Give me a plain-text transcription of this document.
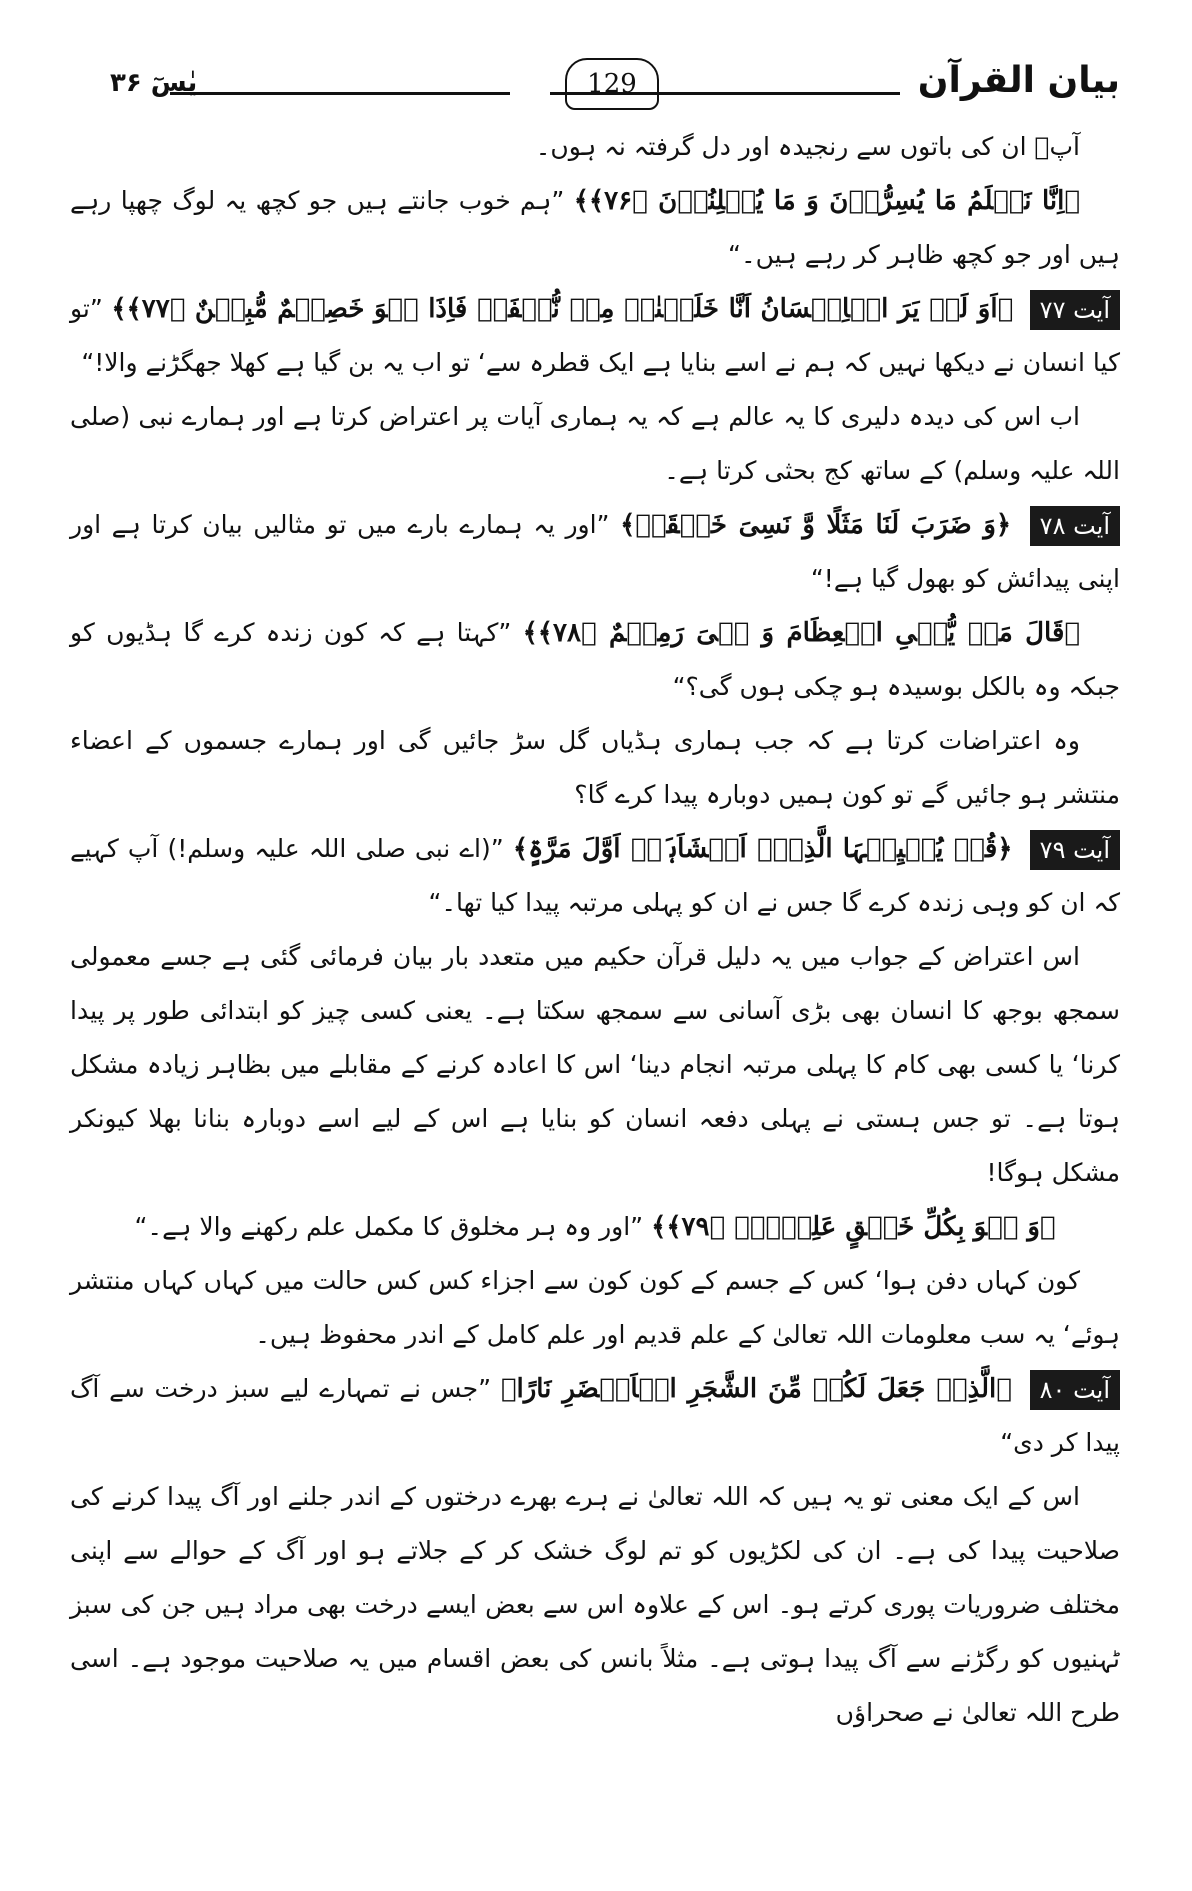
بیان القرآن
129
یٰسٓ ۳۶

آپؐ ان کی باتوں سے رنجیدہ اور دل گرفتہ نہ ہوں۔

﴿اِنَّا نَعۡلَمُ مَا یُسِرُّوۡنَ وَ مَا یُعۡلِنُوۡنَ ﴿۷۶﴾﴾ ”ہم خوب جانتے ہیں جو کچھ یہ لوگ چھپا رہے ہیں اور جو کچھ ظاہر کر رہے ہیں۔“

آیت ۷۷ ﴿اَوَ لَمۡ یَرَ الۡاِنۡسَانُ اَنَّا خَلَقۡنٰہُ مِنۡ نُّطۡفَۃٍ فَاِذَا ہُوَ خَصِیۡمٌ مُّبِیۡنٌ ﴿۷۷﴾﴾ ”تو کیا انسان نے دیکھا نہیں کہ ہم نے اسے بنایا ہے ایک قطرہ سے‘ تو اب یہ بن گیا ہے کھلا جھگڑنے والا!“

اب اس کی دیدہ دلیری کا یہ عالم ہے کہ یہ ہماری آیات پر اعتراض کرتا ہے اور ہمارے نبی (صلی اللہ علیہ وسلم) کے ساتھ کج بحثی کرتا ہے۔

آیت ۷۸ ﴿وَ ضَرَبَ لَنَا مَثَلًا وَّ نَسِیَ خَلۡقَہٗ﴾ ”اور یہ ہمارے بارے میں تو مثالیں بیان کرتا ہے اور اپنی پیدائش کو بھول گیا ہے!“

﴿قَالَ مَنۡ یُّحۡیِ الۡعِظَامَ وَ ہِیَ رَمِیۡمٌ ﴿۷۸﴾﴾ ”کہتا ہے کہ کون زندہ کرے گا ہڈیوں کو جبکہ وہ بالکل بوسیدہ ہو چکی ہوں گی؟“

وہ اعتراضات کرتا ہے کہ جب ہماری ہڈیاں گل سڑ جائیں گی اور ہمارے جسموں کے اعضاء منتشر ہو جائیں گے تو کون ہمیں دوبارہ پیدا کرے گا؟

آیت ۷۹ ﴿قُلۡ یُحۡیِیۡہَا الَّذِیۡۤ اَنۡشَاَہَاۤ اَوَّلَ مَرَّۃٍ﴾ ”(اے نبی صلی اللہ علیہ وسلم!) آپ کہیے کہ ان کو وہی زندہ کرے گا جس نے ان کو پہلی مرتبہ پیدا کیا تھا۔“

اس اعتراض کے جواب میں یہ دلیل قرآن حکیم میں متعدد بار بیان فرمائی گئی ہے جسے معمولی سمجھ بوجھ کا انسان بھی بڑی آسانی سے سمجھ سکتا ہے۔ یعنی کسی چیز کو ابتدائی طور پر پیدا کرنا‘ یا کسی بھی کام کا پہلی مرتبہ انجام دینا‘ اس کا اعادہ کرنے کے مقابلے میں بظاہر زیادہ مشکل ہوتا ہے۔ تو جس ہستی نے پہلی دفعہ انسان کو بنایا ہے اس کے لیے اسے دوبارہ بنانا بھلا کیونکر مشکل ہوگا!

﴿وَ ہُوَ بِکُلِّ خَلۡقٍ عَلِیۡمُۨ ﴿۷۹﴾﴾ ”اور وہ ہر مخلوق کا مکمل علم رکھنے والا ہے۔“

کون کہاں دفن ہوا‘ کس کے جسم کے کون کون سے اجزاء کس کس حالت میں کہاں کہاں منتشر ہوئے‘ یہ سب معلومات اللہ تعالیٰ کے علم قدیم اور علم کامل کے اندر محفوظ ہیں۔

آیت ۸۰ ﴿الَّذِیۡ جَعَلَ لَکُمۡ مِّنَ الشَّجَرِ الۡاَخۡضَرِ نَارًا﴾ ”جس نے تمہارے لیے سبز درخت سے آگ پیدا کر دی“

اس کے ایک معنی تو یہ ہیں کہ اللہ تعالیٰ نے ہرے بھرے درختوں کے اندر جلنے اور آگ پیدا کرنے کی صلاحیت پیدا کی ہے۔ ان کی لکڑیوں کو تم لوگ خشک کر کے جلاتے ہو اور آگ کے حوالے سے اپنی مختلف ضروریات پوری کرتے ہو۔ اس کے علاوہ اس سے بعض ایسے درخت بھی مراد ہیں جن کی سبز ٹہنیوں کو رگڑنے سے آگ پیدا ہوتی ہے۔ مثلاً بانس کی بعض اقسام میں یہ صلاحیت موجود ہے۔ اسی طرح اللہ تعالیٰ نے صحراؤں
